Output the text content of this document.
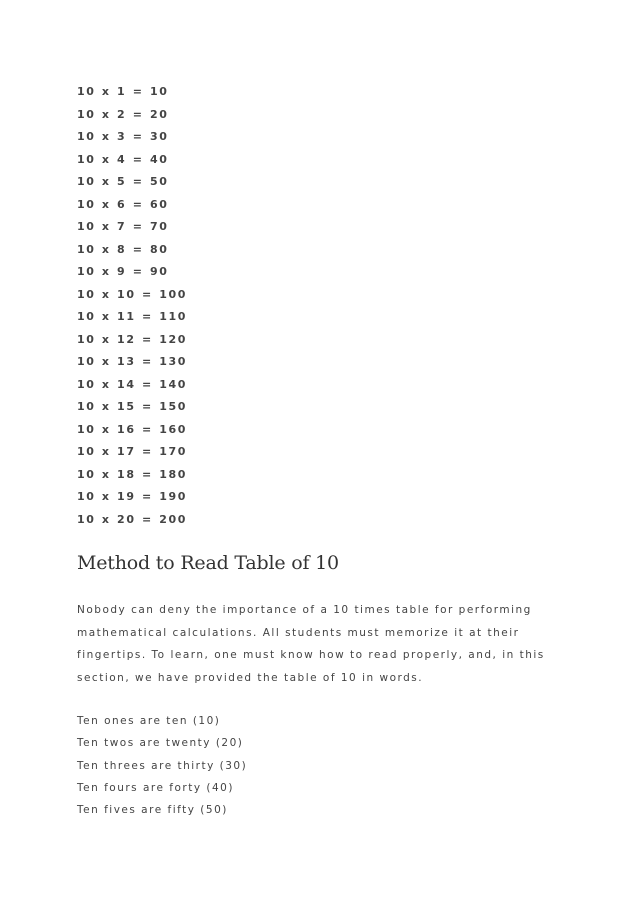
10 x 1 = 10
10 x 2 = 20
10 x 3 = 30
10 x 4 = 40
10 x 5 = 50
10 x 6 = 60
10 x 7 = 70
10 x 8 = 80
10 x 9 = 90
10 x 10 = 100
10 x 11 = 110
10 x 12 = 120
10 x 13 = 130
10 x 14 = 140
10 x 15 = 150
10 x 16 = 160
10 x 17 = 170
10 x 18 = 180
10 x 19 = 190
10 x 20 = 200
Method to Read Table of 10

Nobody can deny the importance of a 10 times table for performing mathematical calculations. All students must memorize it at their fingertips. To learn, one must know how to read properly, and, in this section, we have provided the table of 10 in words.

Ten ones are ten (10)
Ten twos are twenty (20)
Ten threes are thirty (30)
Ten fours are forty (40)
Ten fives are fifty (50)
